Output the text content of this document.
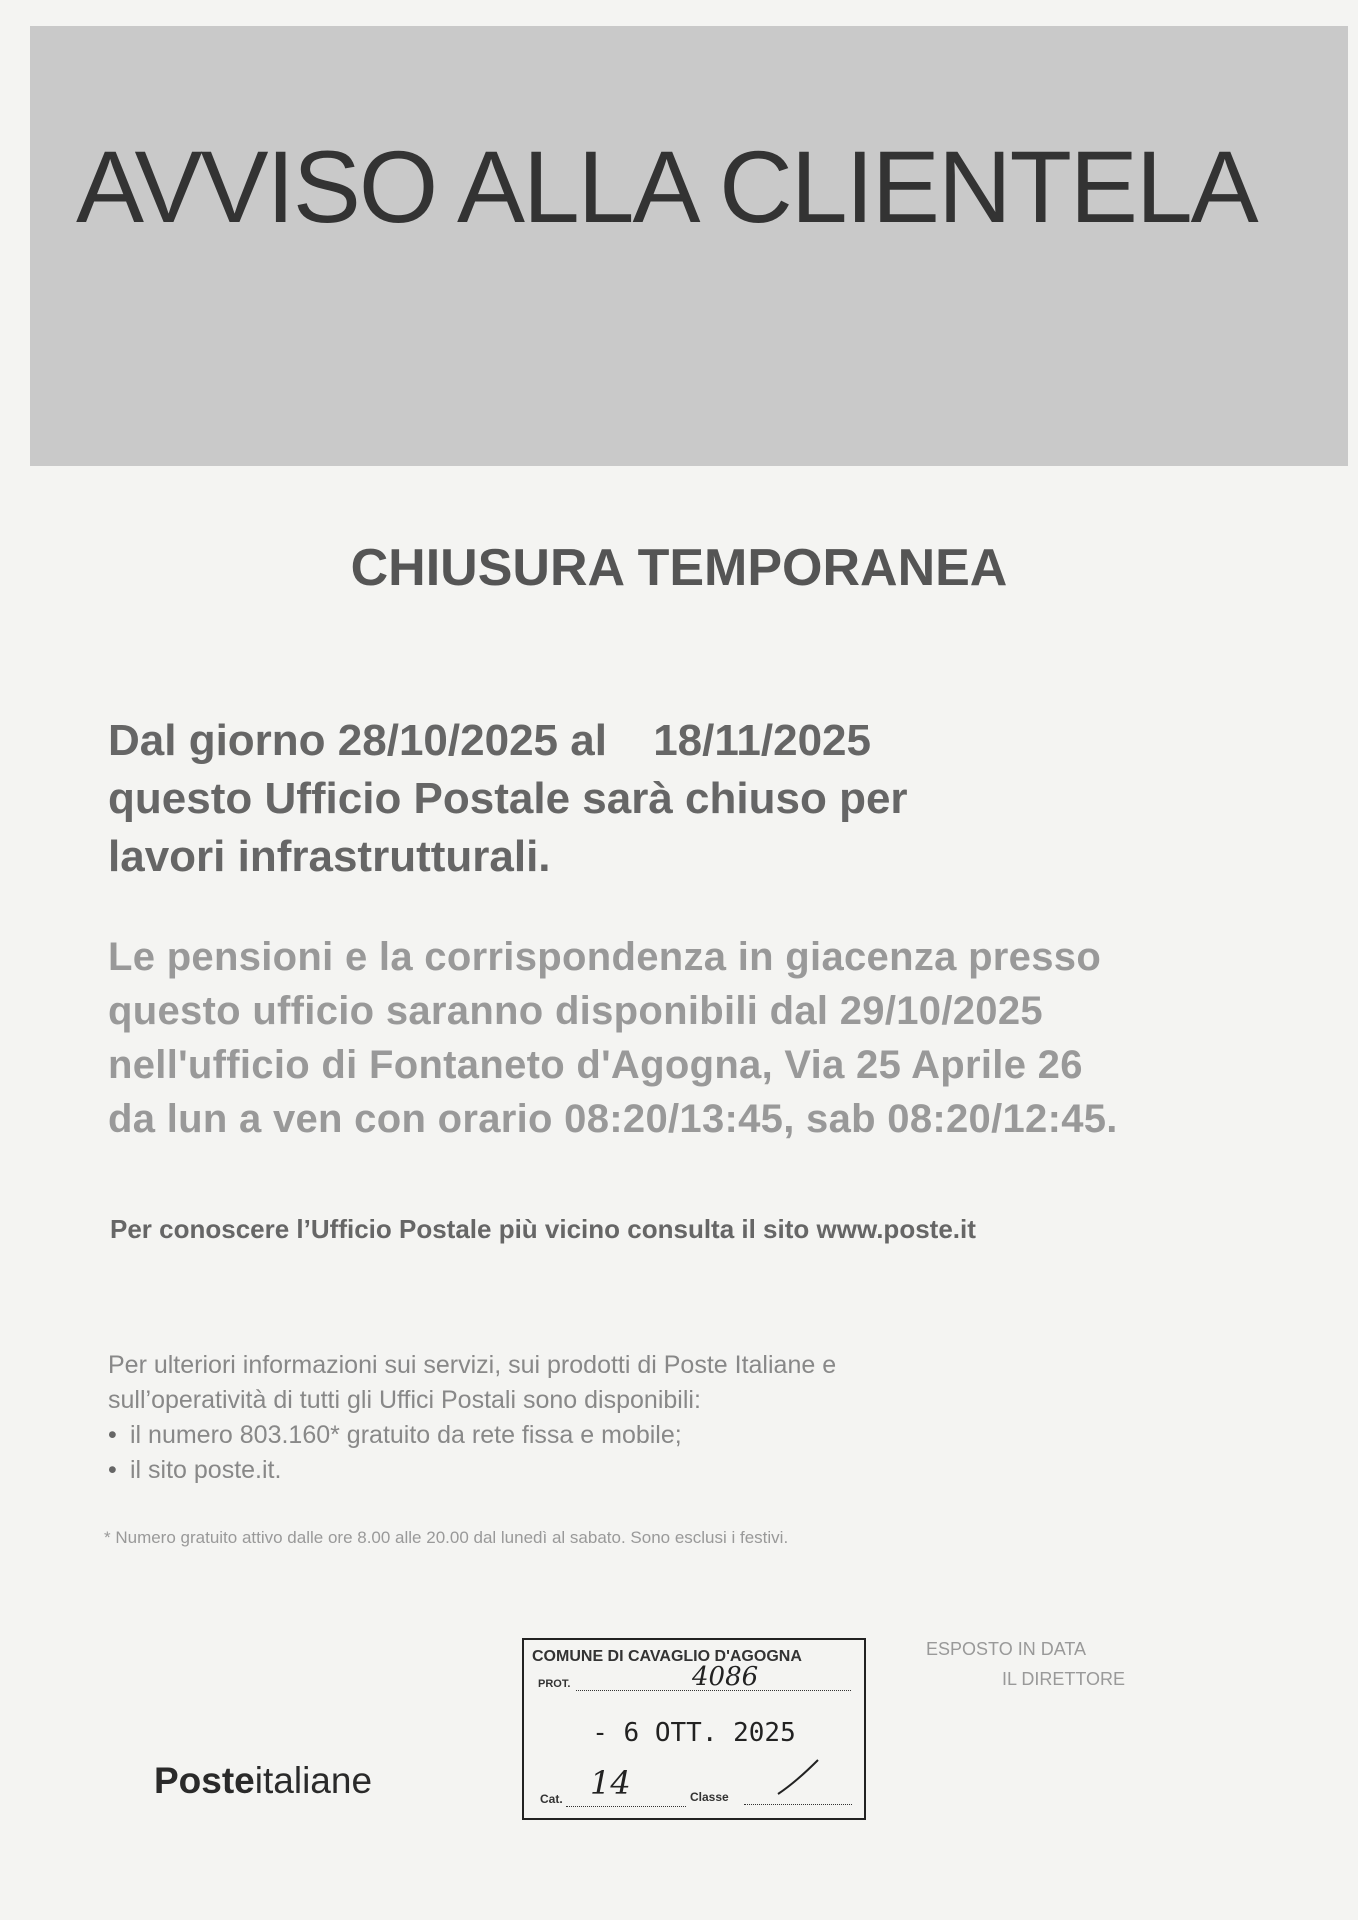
AVVISO ALLA CLIENTELA
CHIUSURA TEMPORANEA
Dal giorno 28/10/2025 al 18/11/2025
questo Ufficio Postale sarà chiuso per
lavori infrastrutturali.
Le pensioni e la corrispondenza in giacenza presso
questo ufficio saranno disponibili dal 29/10/2025
nell'ufficio di Fontaneto d'Agogna, Via 25 Aprile 26
da lun a ven con orario 08:20/13:45, sab 08:20/12:45.

Per conoscere l’Ufficio Postale più vicino consulta il sito www.poste.it

Per ulteriori informazioni sui servizi, sui prodotti di Poste Italiane e
sull’operatività di tutti gli Uffici Postali sono disponibili:
• il numero 803.160* gratuito da rete fissa e mobile;
• il sito poste.it.

* Numero gratuito attivo dalle ore 8.00 alle 20.00 dal lunedì al sabato. Sono esclusi i festivi.

COMUNE DI CAVAGLIO D'AGOGNA
PROT.	4086
- 6 OTT. 2025
Cat. 14	Classe
ESPOSTO IN DATA
IL DIRETTORE

Posteitaliane
